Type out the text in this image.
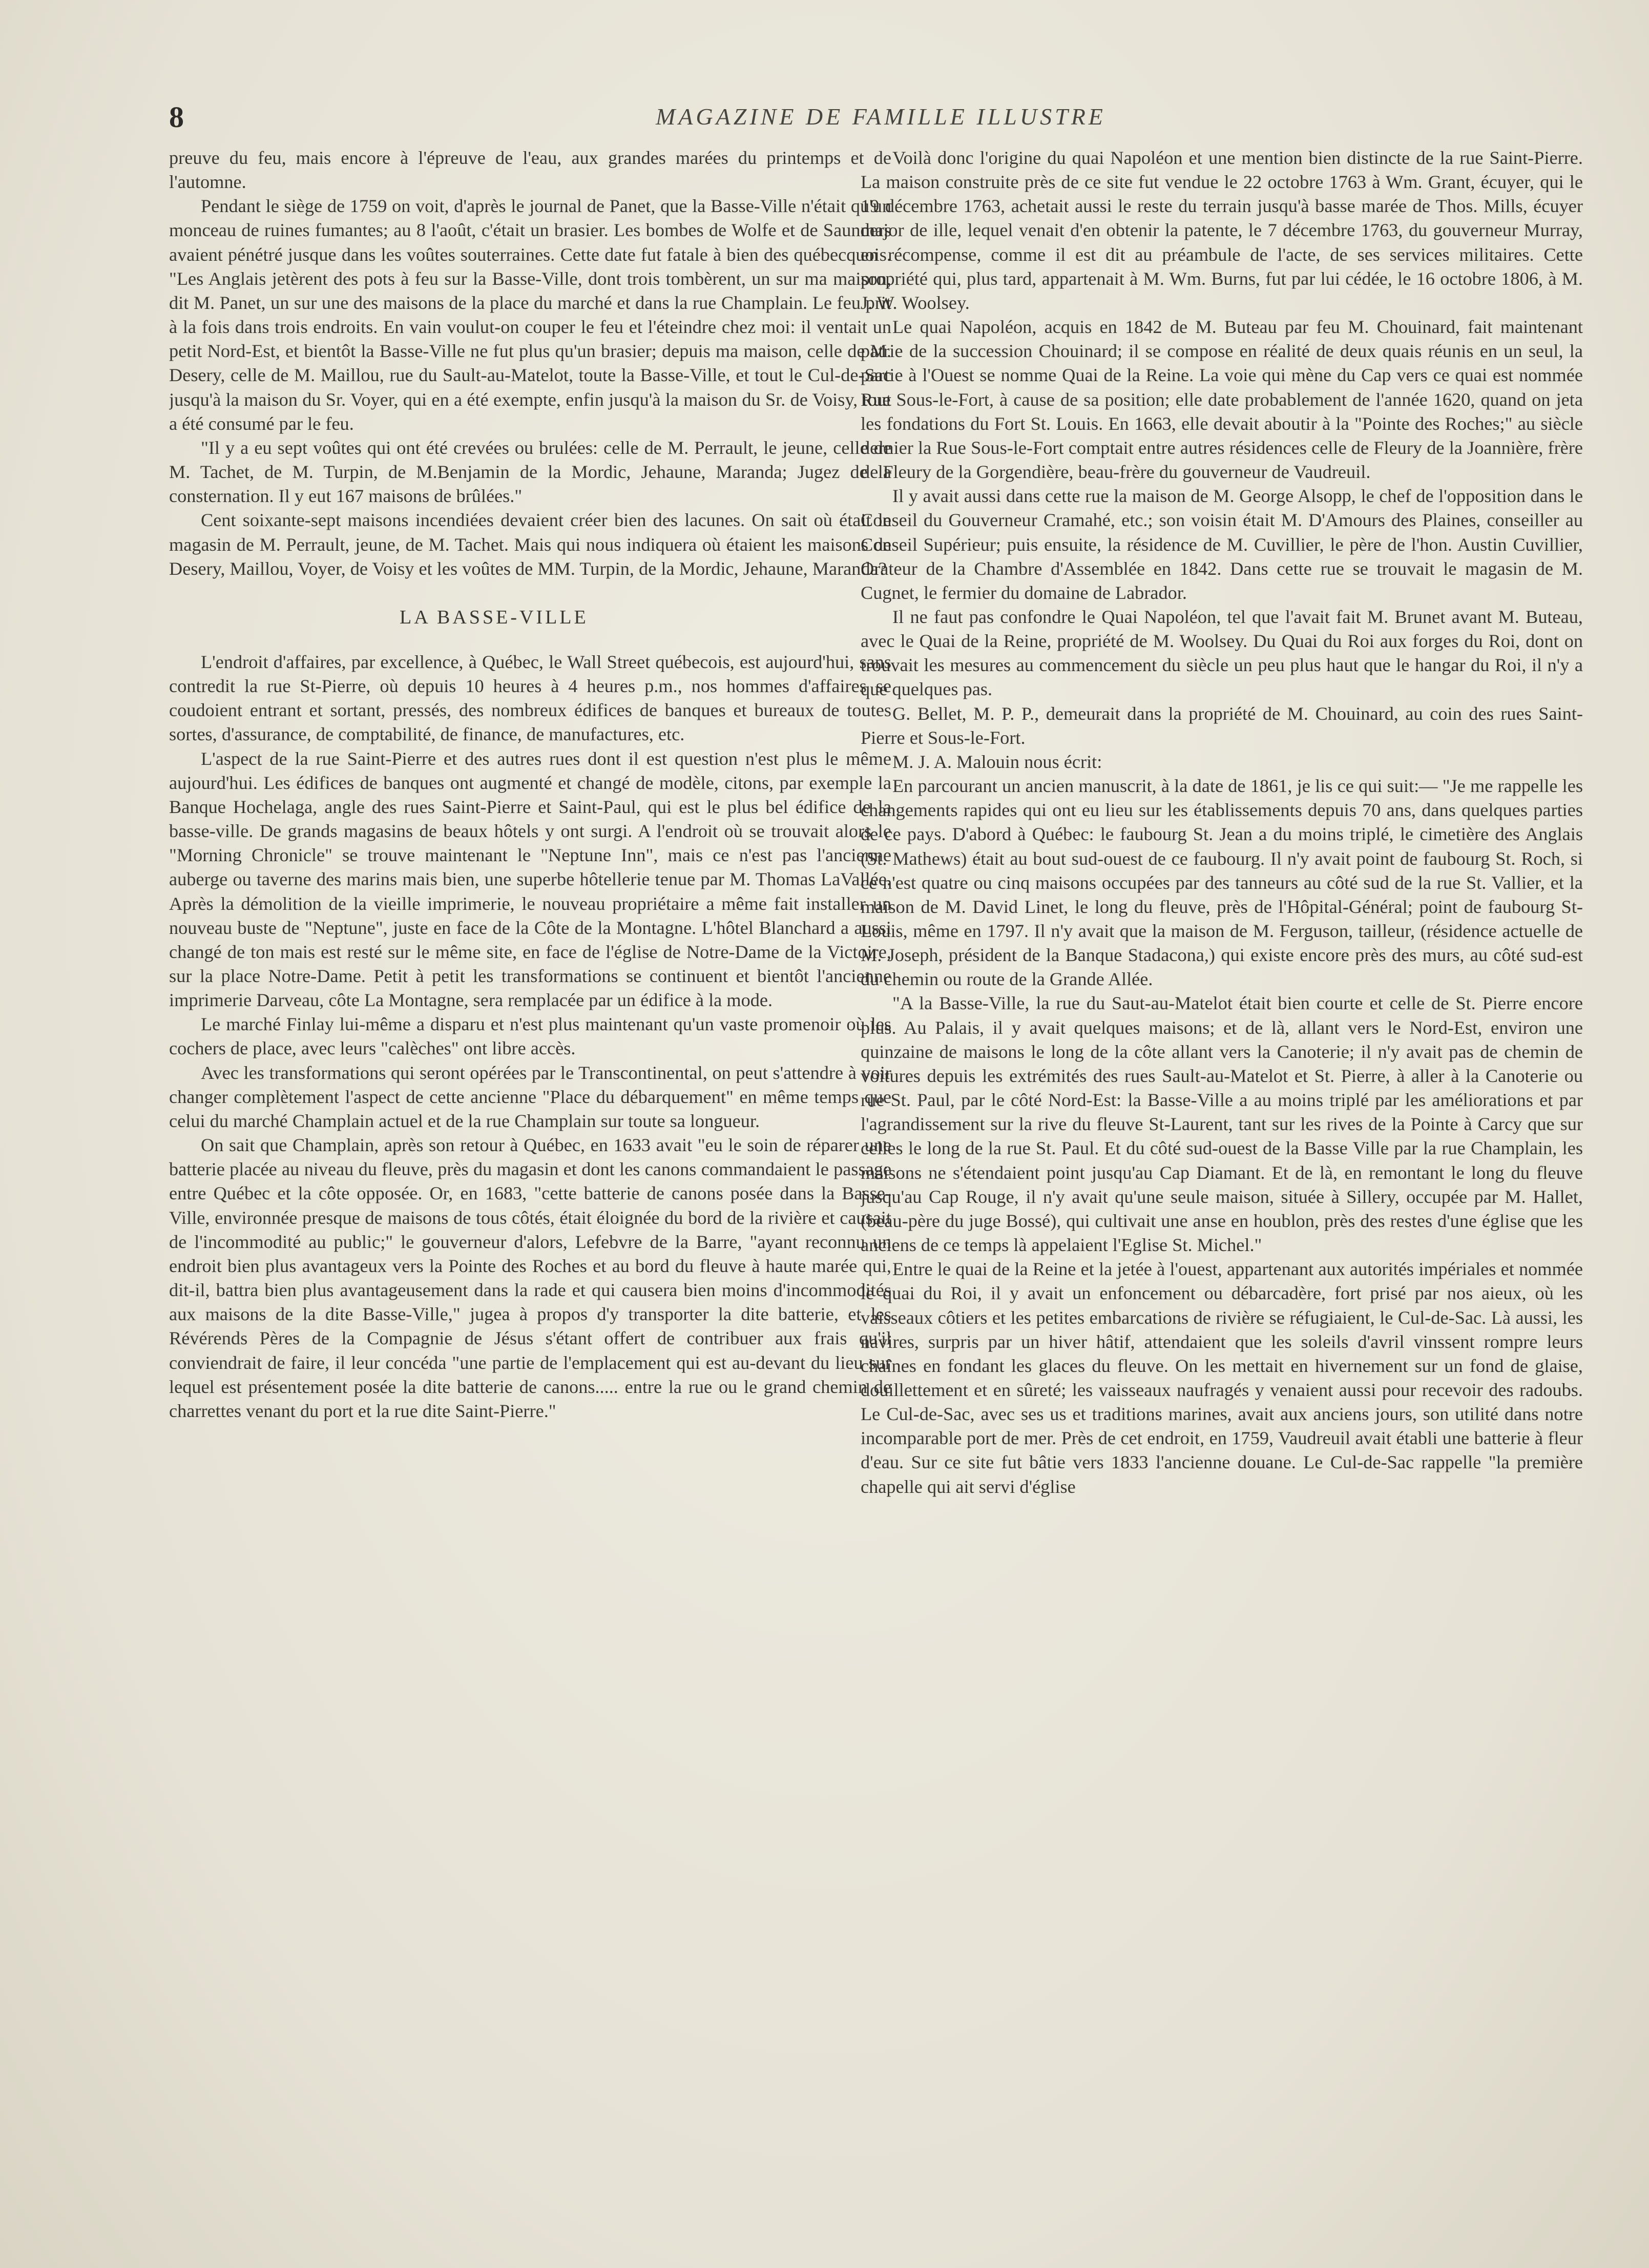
8	MAGAZINE DE FAMILLE ILLUSTRE

preuve du feu, mais encore à l'épreuve de l'eau, aux grandes marées du printemps et de l'automne.

Pendant le siège de 1759 on voit, d'après le journal de Panet, que la Basse-Ville n'était qu'un monceau de ruines fumantes; au 8 l'août, c'était un brasier. Les bombes de Wolfe et de Saunders avaient pénétré jusque dans les voûtes souterraines. Cette date fut fatale à bien des québecquois. "Les Anglais jetèrent des pots à feu sur la Basse-Ville, dont trois tombèrent, un sur ma maison, dit M. Panet, un sur une des maisons de la place du marché et dans la rue Champlain. Le feu prit à la fois dans trois endroits. En vain voulut-on couper le feu et l'éteindre chez moi: il ventait un petit Nord-Est, et bientôt la Basse-Ville ne fut plus qu'un brasier; depuis ma maison, celle de M. Desery, celle de M. Maillou, rue du Sault-au-Matelot, toute la Basse-Ville, et tout le Cul-de-Sac jusqu'à la maison du Sr. Voyer, qui en a été exempte, enfin jusqu'à la maison du Sr. de Voisy, tout a été consumé par le feu.

"Il y a eu sept voûtes qui ont été crevées ou brulées: celle de M. Perrault, le jeune, celle de M. Tachet, de M. Turpin, de M.Benjamin de la Mordic, Jehaune, Maranda; Jugez de la consternation. Il y eut 167 maisons de brûlées."

Cent soixante-sept maisons incendiées devaient créer bien des lacunes. On sait où était le magasin de M. Perrault, jeune, de M. Tachet. Mais qui nous indiquera où étaient les maisons de Desery, Maillou, Voyer, de Voisy et les voûtes de MM. Turpin, de la Mordic, Jehaune, Maranda?

LA BASSE-VILLE

L'endroit d'affaires, par excellence, à Québec, le Wall Street québecois, est aujourd'hui, sans contredit la rue St-Pierre, où depuis 10 heures à 4 heures p.m., nos hommes d'affaires se coudoient entrant et sortant, pressés, des nombreux édifices de banques et bureaux de toutes sortes, d'assurance, de comptabilité, de finance, de manufactures, etc.

L'aspect de la rue Saint-Pierre et des autres rues dont il est question n'est plus le même aujourd'hui. Les édifices de banques ont augmenté et changé de modèle, citons, par exemple la Banque Hochelaga, angle des rues Saint-Pierre et Saint-Paul, qui est le plus bel édifice de la basse-ville. De grands magasins de beaux hôtels y ont surgi. A l'endroit où se trouvait alors le "Morning Chronicle" se trouve maintenant le "Neptune Inn", mais ce n'est pas l'ancienne auberge ou taverne des marins mais bien, une superbe hôtellerie tenue par M. Thomas LaVallée. Après la démolition de la vieille imprimerie, le nouveau propriétaire a même fait installer un nouveau buste de "Neptune", juste en face de la Côte de la Montagne. L'hôtel Blanchard a aussi changé de ton mais est resté sur le même site, en face de l'église de Notre-Dame de la Victoire, sur la place Notre-Dame. Petit à petit les transformations se continuent et bientôt l'ancienne imprimerie Darveau, côte La Montagne, sera remplacée par un édifice à la mode.

Le marché Finlay lui-même a disparu et n'est plus maintenant qu'un vaste promenoir où les cochers de place, avec leurs "calèches" ont libre accès.

Avec les transformations qui seront opérées par le Transcontinental, on peut s'attendre à voir changer complètement l'aspect de cette ancienne "Place du débarquement" en même temps que celui du marché Champlain actuel et de la rue Champlain sur toute sa longueur.

On sait que Champlain, après son retour à Québec, en 1633 avait "eu le soin de réparer une batterie placée au niveau du fleuve, près du magasin et dont les canons commandaient le passage entre Québec et la côte opposée. Or, en 1683, "cette batterie de canons posée dans la Basse-Ville, environnée presque de maisons de tous côtés, était éloignée du bord de la rivière et causait de l'incommodité au public;" le gouverneur d'alors, Lefebvre de la Barre, "ayant reconnu un endroit bien plus avantageux vers la Pointe des Roches et au bord du fleuve à haute marée qui, dit-il, battra bien plus avantageusement dans la rade et qui causera bien moins d'incommodités aux maisons de la dite Basse-Ville," jugea à propos d'y transporter la dite batterie, et les Révérends Pères de la Compagnie de Jésus s'étant offert de contribuer aux frais qu'il conviendrait de faire, il leur concéda "une partie de l'emplacement qui est au-devant du lieu sur lequel est présentement posée la dite batterie de canons..... entre la rue ou le grand chemin de charrettes venant du port et la rue dite Saint-Pierre."

Voilà donc l'origine du quai Napoléon et une mention bien distincte de la rue Saint-Pierre. La maison construite près de ce site fut vendue le 22 octobre 1763 à Wm. Grant, écuyer, qui le 19 décembre 1763, achetait aussi le reste du terrain jusqu'à basse marée de Thos. Mills, écuyer major de ille, lequel venait d'en obtenir la patente, le 7 décembre 1763, du gouverneur Murray, en récompense, comme il est dit au préambule de l'acte, de ses services militaires. Cette propriété qui, plus tard, appartenait à M. Wm. Burns, fut par lui cédée, le 16 octobre 1806, à M. J. W. Woolsey.

Le quai Napoléon, acquis en 1842 de M. Buteau par feu M. Chouinard, fait maintenant patrie de la succession Chouinard; il se compose en réalité de deux quais réunis en un seul, la partie à l'Ouest se nomme Quai de la Reine. La voie qui mène du Cap vers ce quai est nommée Rue Sous-le-Fort, à cause de sa position; elle date probablement de l'année 1620, quand on jeta les fondations du Fort St. Louis. En 1663, elle devait aboutir à la "Pointe des Roches;" au siècle dernier la Rue Sous-le-Fort comptait entre autres résidences celle de Fleury de la Joannière, frère de Fleury de la Gorgendière, beau-frère du gouverneur de Vaudreuil.

Il y avait aussi dans cette rue la maison de M. George Alsopp, le chef de l'opposition dans le Conseil du Gouverneur Cramahé, etc.; son voisin était M. D'Amours des Plaines, conseiller au Conseil Supérieur; puis ensuite, la résidence de M. Cuvillier, le père de l'hon. Austin Cuvillier, Orateur de la Chambre d'Assemblée en 1842. Dans cette rue se trouvait le magasin de M. Cugnet, le fermier du domaine de Labrador.

Il ne faut pas confondre le Quai Napoléon, tel que l'avait fait M. Brunet avant M. Buteau, avec le Quai de la Reine, propriété de M. Woolsey. Du Quai du Roi aux forges du Roi, dont on trouvait les mesures au commencement du siècle un peu plus haut que le hangar du Roi, il n'y a que quelques pas.

G. Bellet, M. P. P., demeurait dans la propriété de M. Chouinard, au coin des rues Saint-Pierre et Sous-le-Fort.

M. J. A. Malouin nous écrit:

En parcourant un ancien manuscrit, à la date de 1861, je lis ce qui suit:— "Je me rappelle les changements rapides qui ont eu lieu sur les établissements depuis 70 ans, dans quelques parties de ce pays. D'abord à Québec: le faubourg St. Jean a du moins triplé, le cimetière des Anglais (St. Mathews) était au bout sud-ouest de ce faubourg. Il n'y avait point de faubourg St. Roch, si ce n'est quatre ou cinq maisons occupées par des tanneurs au côté sud de la rue St. Vallier, et la maison de M. David Linet, le long du fleuve, près de l'Hôpital-Général; point de faubourg St-Louis, même en 1797. Il n'y avait que la maison de M. Ferguson, tailleur, (résidence actuelle de M. Joseph, président de la Banque Stadacona,) qui existe encore près des murs, au côté sud-est du chemin ou route de la Grande Allée.

"A la Basse-Ville, la rue du Saut-au-Matelot était bien courte et celle de St. Pierre encore plus. Au Palais, il y avait quelques maisons; et de là, allant vers le Nord-Est, environ une quinzaine de maisons le long de la côte allant vers la Canoterie; il n'y avait pas de chemin de voitures depuis les extrémités des rues Sault-au-Matelot et St. Pierre, à aller à la Canoterie ou rue St. Paul, par le côté Nord-Est: la Basse-Ville a au moins triplé par les améliorations et par l'agrandissement sur la rive du fleuve St-Laurent, tant sur les rives de la Pointe à Carcy que sur celles le long de la rue St. Paul. Et du côté sud-ouest de la Basse Ville par la rue Champlain, les maisons ne s'étendaient point jusqu'au Cap Diamant. Et de là, en remontant le long du fleuve jusqu'au Cap Rouge, il n'y avait qu'une seule maison, située à Sillery, occupée par M. Hallet, (beau-père du juge Bossé), qui cultivait une anse en houblon, près des restes d'une église que les anciens de ce temps là appelaient l'Eglise St. Michel."

Entre le quai de la Reine et la jetée à l'ouest, appartenant aux autorités impériales et nommée le quai du Roi, il y avait un enfoncement ou débarcadère, fort prisé par nos aieux, où les vaisseaux côtiers et les petites embarcations de rivière se réfugiaient, le Cul-de-Sac. Là aussi, les navires, surpris par un hiver hâtif, attendaient que les soleils d'avril vinssent rompre leurs chaînes en fondant les glaces du fleuve. On les mettait en hivernement sur un fond de glaise, douillettement et en sûreté; les vaisseaux naufragés y venaient aussi pour recevoir des radoubs. Le Cul-de-Sac, avec ses us et traditions marines, avait aux anciens jours, son utilité dans notre incomparable port de mer. Près de cet endroit, en 1759, Vaudreuil avait établi une batterie à fleur d'eau. Sur ce site fut bâtie vers 1833 l'ancienne douane. Le Cul-de-Sac rappelle "la première chapelle qui ait servi d'église
